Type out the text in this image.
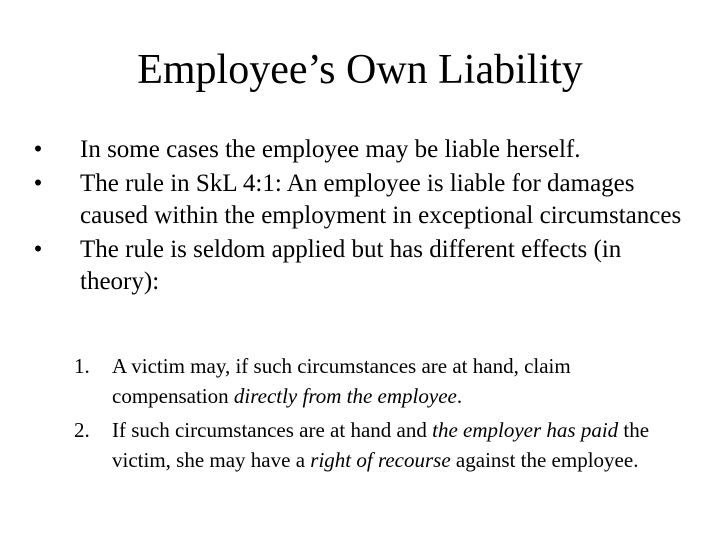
Employee’s Own Liability
• In some cases the employee may be liable herself.
• The rule in SkL 4:1: An employee is liable for damages caused within the employment in exceptional circumstances
• The rule is seldom applied but has different effects (in theory):
1. A victim may, if such circumstances are at hand, claim compensation directly from the employee.
2. If such circumstances are at hand and the employer has paid the victim, she may have a right of recourse against the employee.
